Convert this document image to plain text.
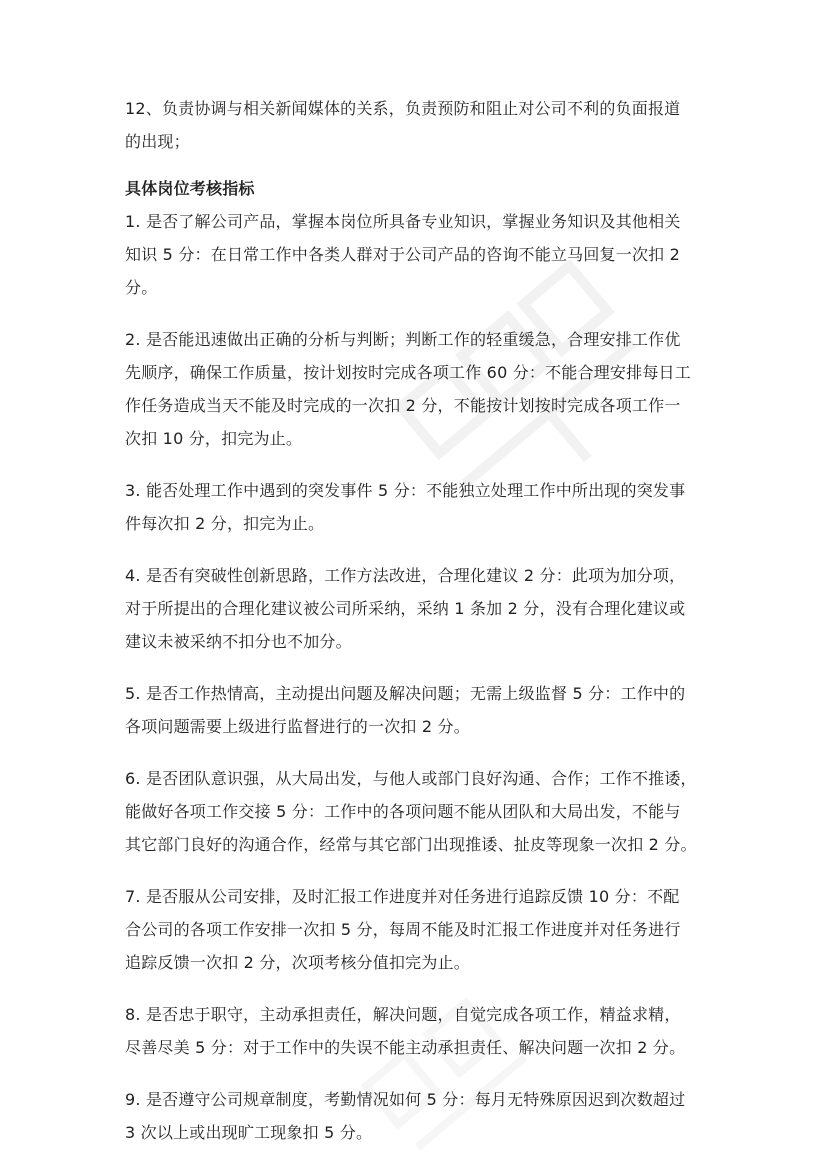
12、负责协调与相关新闻媒体的关系，负责预防和阻止对公司不利的负面报道
的出现；

具体岗位考核指标

1. 是否了解公司产品，掌握本岗位所具备专业知识，掌握业务知识及其他相关
知识 5 分：在日常工作中各类人群对于公司产品的咨询不能立马回复一次扣 2
分。

2. 是否能迅速做出正确的分析与判断；判断工作的轻重缓急，合理安排工作优
先顺序，确保工作质量，按计划按时完成各项工作 60 分：不能合理安排每日工
作任务造成当天不能及时完成的一次扣 2 分，不能按计划按时完成各项工作一
次扣 10 分，扣完为止。

3. 能否处理工作中遇到的突发事件 5 分：不能独立处理工作中所出现的突发事
件每次扣 2 分，扣完为止。

4. 是否有突破性创新思路，工作方法改进，合理化建议 2 分：此项为加分项，
对于所提出的合理化建议被公司所采纳，采纳 1 条加 2 分，没有合理化建议或
建议未被采纳不扣分也不加分。

5. 是否工作热情高，主动提出问题及解决问题；无需上级监督 5 分：工作中的
各项问题需要上级进行监督进行的一次扣 2 分。

6. 是否团队意识强，从大局出发，与他人或部门良好沟通、合作；工作不推诿，
能做好各项工作交接 5 分：工作中的各项问题不能从团队和大局出发，不能与
其它部门良好的沟通合作，经常与其它部门出现推诿、扯皮等现象一次扣 2 分。

7. 是否服从公司安排，及时汇报工作进度并对任务进行追踪反馈 10 分：不配
合公司的各项工作安排一次扣 5 分，每周不能及时汇报工作进度并对任务进行
追踪反馈一次扣 2 分，次项考核分值扣完为止。

8. 是否忠于职守，主动承担责任，解决问题，自觉完成各项工作，精益求精，
尽善尽美 5 分：对于工作中的失误不能主动承担责任、解决问题一次扣 2 分。

9. 是否遵守公司规章制度，考勤情况如何 5 分：每月无特殊原因迟到次数超过
3 次以上或出现旷工现象扣 5 分。
